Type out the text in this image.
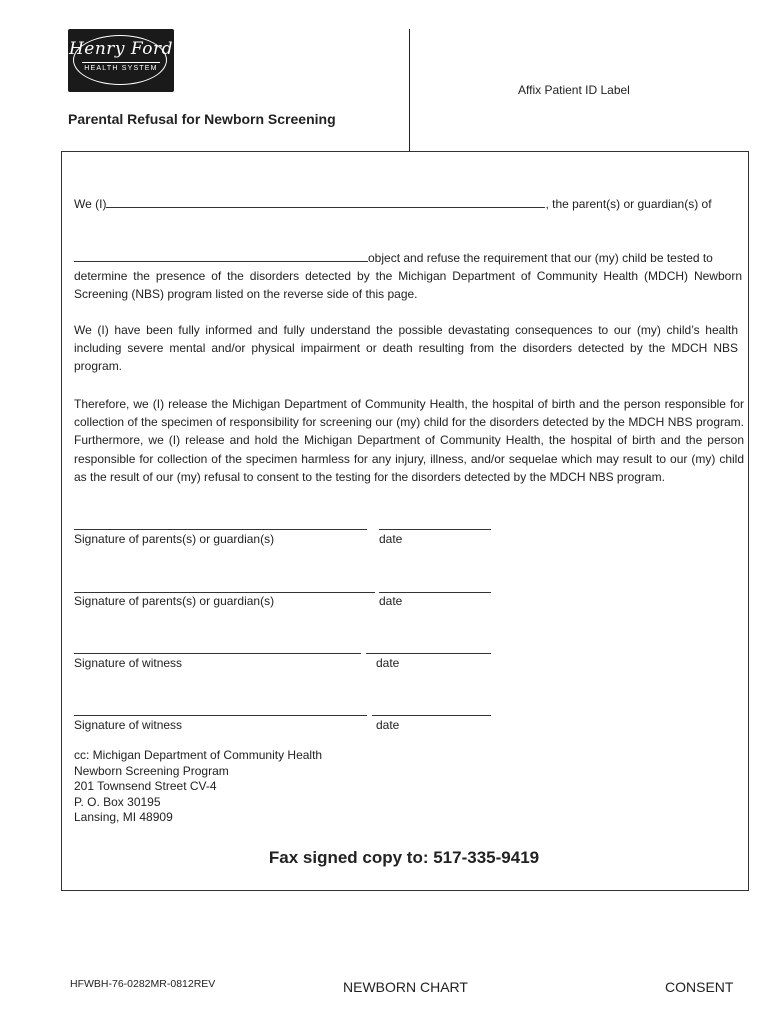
Henry Ford
HEALTH SYSTEM
Affix Patient ID Label
Parental Refusal for Newborn Screening
We (I)	, the parent(s) or guardian(s) of
object and refuse the requirement that our (my) child be tested to
determine the presence of the disorders detected by the Michigan Department of Community Health (MDCH) Newborn Screening (NBS) program listed on the reverse side of this page.
We (I) have been fully informed and fully understand the possible devastating consequences to our (my) child’s health including severe mental and/or physical impairment or death resulting from the disorders detected by the MDCH NBS program.
Therefore, we (I) release the Michigan Department of Community Health, the hospital of birth and the person responsible for collection of the specimen of responsibility for screening our (my) child for the disorders detected by the MDCH NBS program. Furthermore, we (I) release and hold the Michigan Department of Community Health, the hospital of birth and the person responsible for collection of the specimen harmless for any injury, illness, and/or sequelae which may result to our (my) child as the result of our (my) refusal to consent to the testing for the disorders detected by the MDCH NBS program.
Signature of parents(s) or guardian(s)	date
Signature of parents(s) or guardian(s)	date
Signature of witness	date
Signature of witness	date
cc: Michigan Department of Community Health
Newborn Screening Program
201 Townsend Street CV-4
P. O. Box 30195
Lansing, MI 48909
Fax signed copy to: 517-335-9419
HFWBH-76-0282MR-0812REV	NEWBORN CHART	CONSENT
